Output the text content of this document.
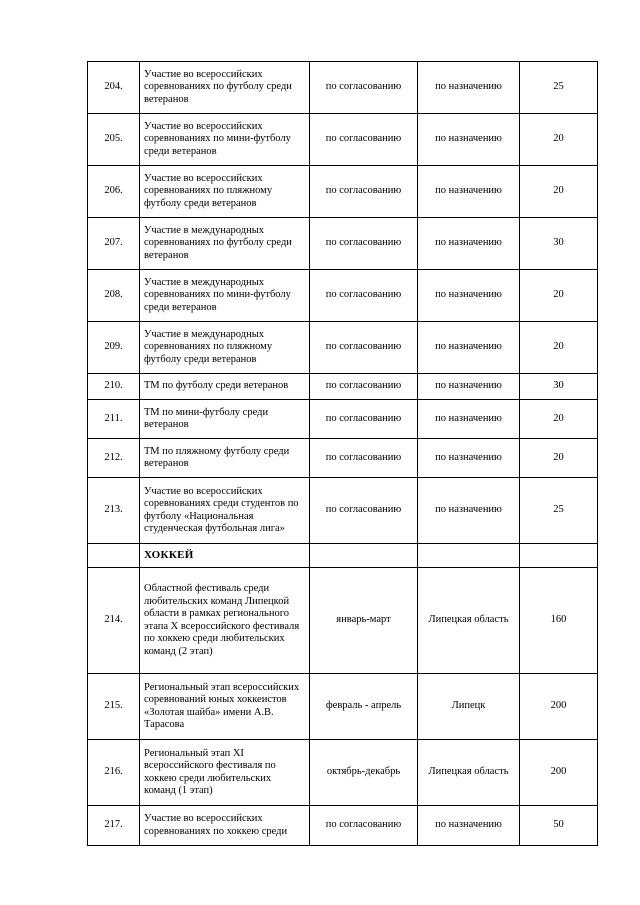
204.	Участие во всероссийских соревнованиях по футболу среди ветеранов	по согласованию	по назначению	25
205.	Участие во всероссийских соревнованиях по мини-футболу среди ветеранов	по согласованию	по назначению	20
206.	Участие во всероссийских соревнованиях по пляжному футболу среди ветеранов	по согласованию	по назначению	20
207.	Участие в международных соревнованиях по футболу среди ветеранов	по согласованию	по назначению	30
208.	Участие в международных соревнованиях по мини-футболу среди ветеранов	по согласованию	по назначению	20
209.	Участие в международных соревнованиях по пляжному футболу среди ветеранов	по согласованию	по назначению	20
210.	ТМ по футболу среди ветеранов	по согласованию	по назначению	30
211.	ТМ по мини-футболу среди ветеранов	по согласованию	по назначению	20
212.	ТМ по пляжному футболу среди ветеранов	по согласованию	по назначению	20
213.	Участие во всероссийских соревнованиях среди студентов по футболу «Национальная студенческая футбольная лига»	по согласованию	по назначению	25
	ХОККЕЙ			
214.	Областной фестиваль среди любительских команд Липецкой области в рамках регионального этапа X всероссийского фестиваля по хоккею среди любительских команд (2 этап)	январь-март	Липецкая область	160
215.	Региональный этап всероссийских соревнований юных хоккеистов «Золотая шайба» имени А.В. Тарасова	февраль - апрель	Липецк	200
216.	Региональный этап XI всероссийского фестиваля по хоккею среди любительских команд (1 этап)	октябрь-декабрь	Липецкая область	200
217.	Участие во всероссийских соревнованиях по хоккею среди	по согласованию	по назначению	50
